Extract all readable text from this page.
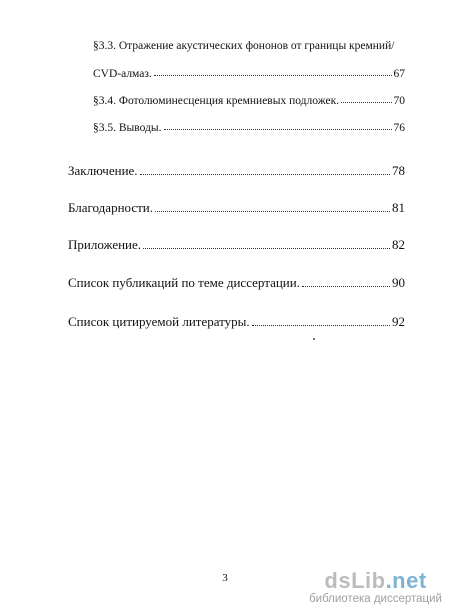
§3.3. Отражение акустических фононов от границы кремний/
CVD-алмаз.	67
§3.4. Фотолюминесценция кремниевых подложек.	70
§3.5. Выводы.	76
Заключение.	78
Благодарности.	81
Приложение.	82
Список публикаций по теме диссертации.	90
Список цитируемой литературы.	92
3	dsLib.net
библиотека диссертаций
